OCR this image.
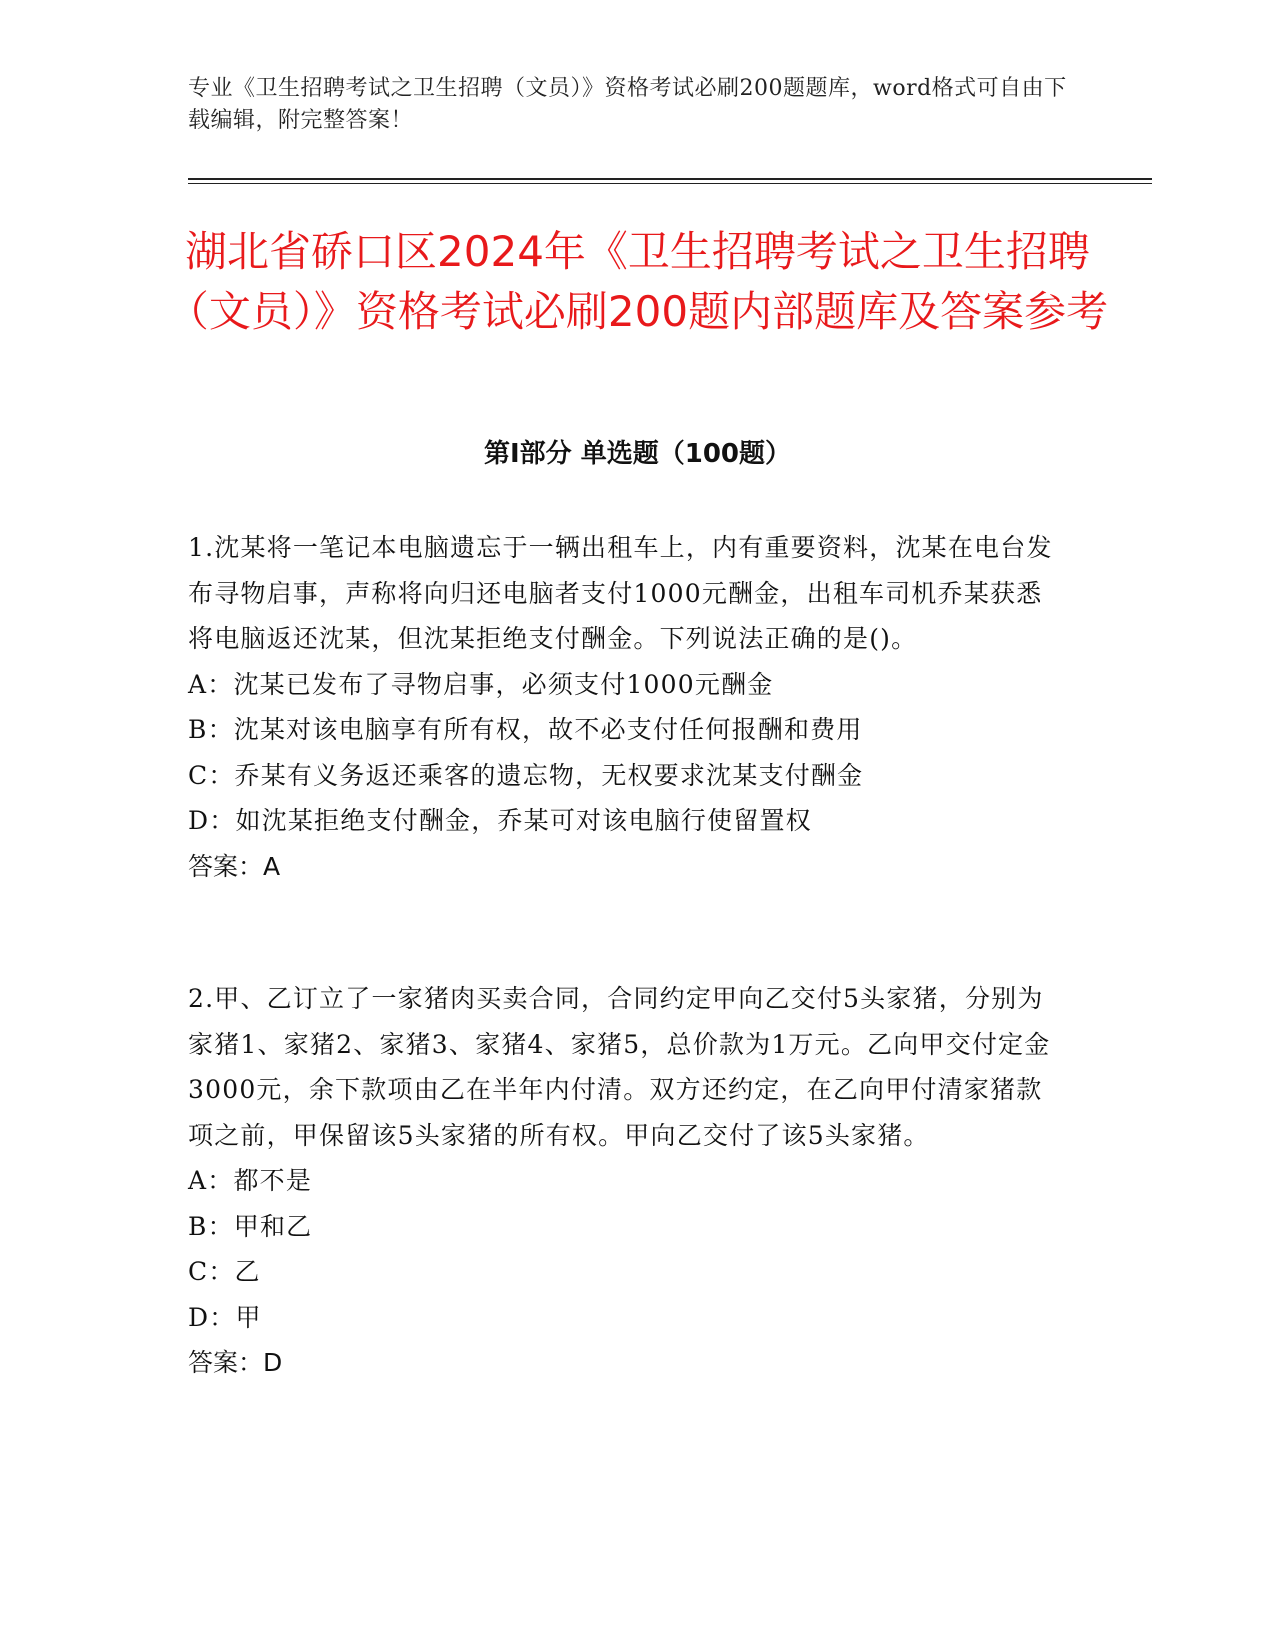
专业《卫生招聘考试之卫生招聘（文员）》资格考试必刷200题题库，word格式可自由下载编辑，附完整答案！
湖北省硚口区2024年《卫生招聘考试之卫生招聘（文员）》资格考试必刷200题内部题库及答案参考
第Ⅰ部分 单选题（100题）

1.沈某将一笔记本电脑遗忘于一辆出租车上，内有重要资料，沈某在电台发布寻物启事，声称将向归还电脑者支付1000元酬金，出租车司机乔某获悉将电脑返还沈某，但沈某拒绝支付酬金。下列说法正确的是()。

A：沈某已发布了寻物启事，必须支付1000元酬金

B：沈某对该电脑享有所有权，故不必支付任何报酬和费用

C：乔某有义务返还乘客的遗忘物，无权要求沈某支付酬金

D：如沈某拒绝支付酬金，乔某可对该电脑行使留置权

答案：A

2.甲、乙订立了一家猪肉买卖合同，合同约定甲向乙交付5头家猪，分别为家猪1、家猪2、家猪3、家猪4、家猪5，总价款为1万元。乙向甲交付定金3000元，余下款项由乙在半年内付清。双方还约定，在乙向甲付清家猪款项之前，甲保留该5头家猪的所有权。甲向乙交付了该5头家猪。

A：都不是

B：甲和乙

C：乙

D：甲

答案：D
